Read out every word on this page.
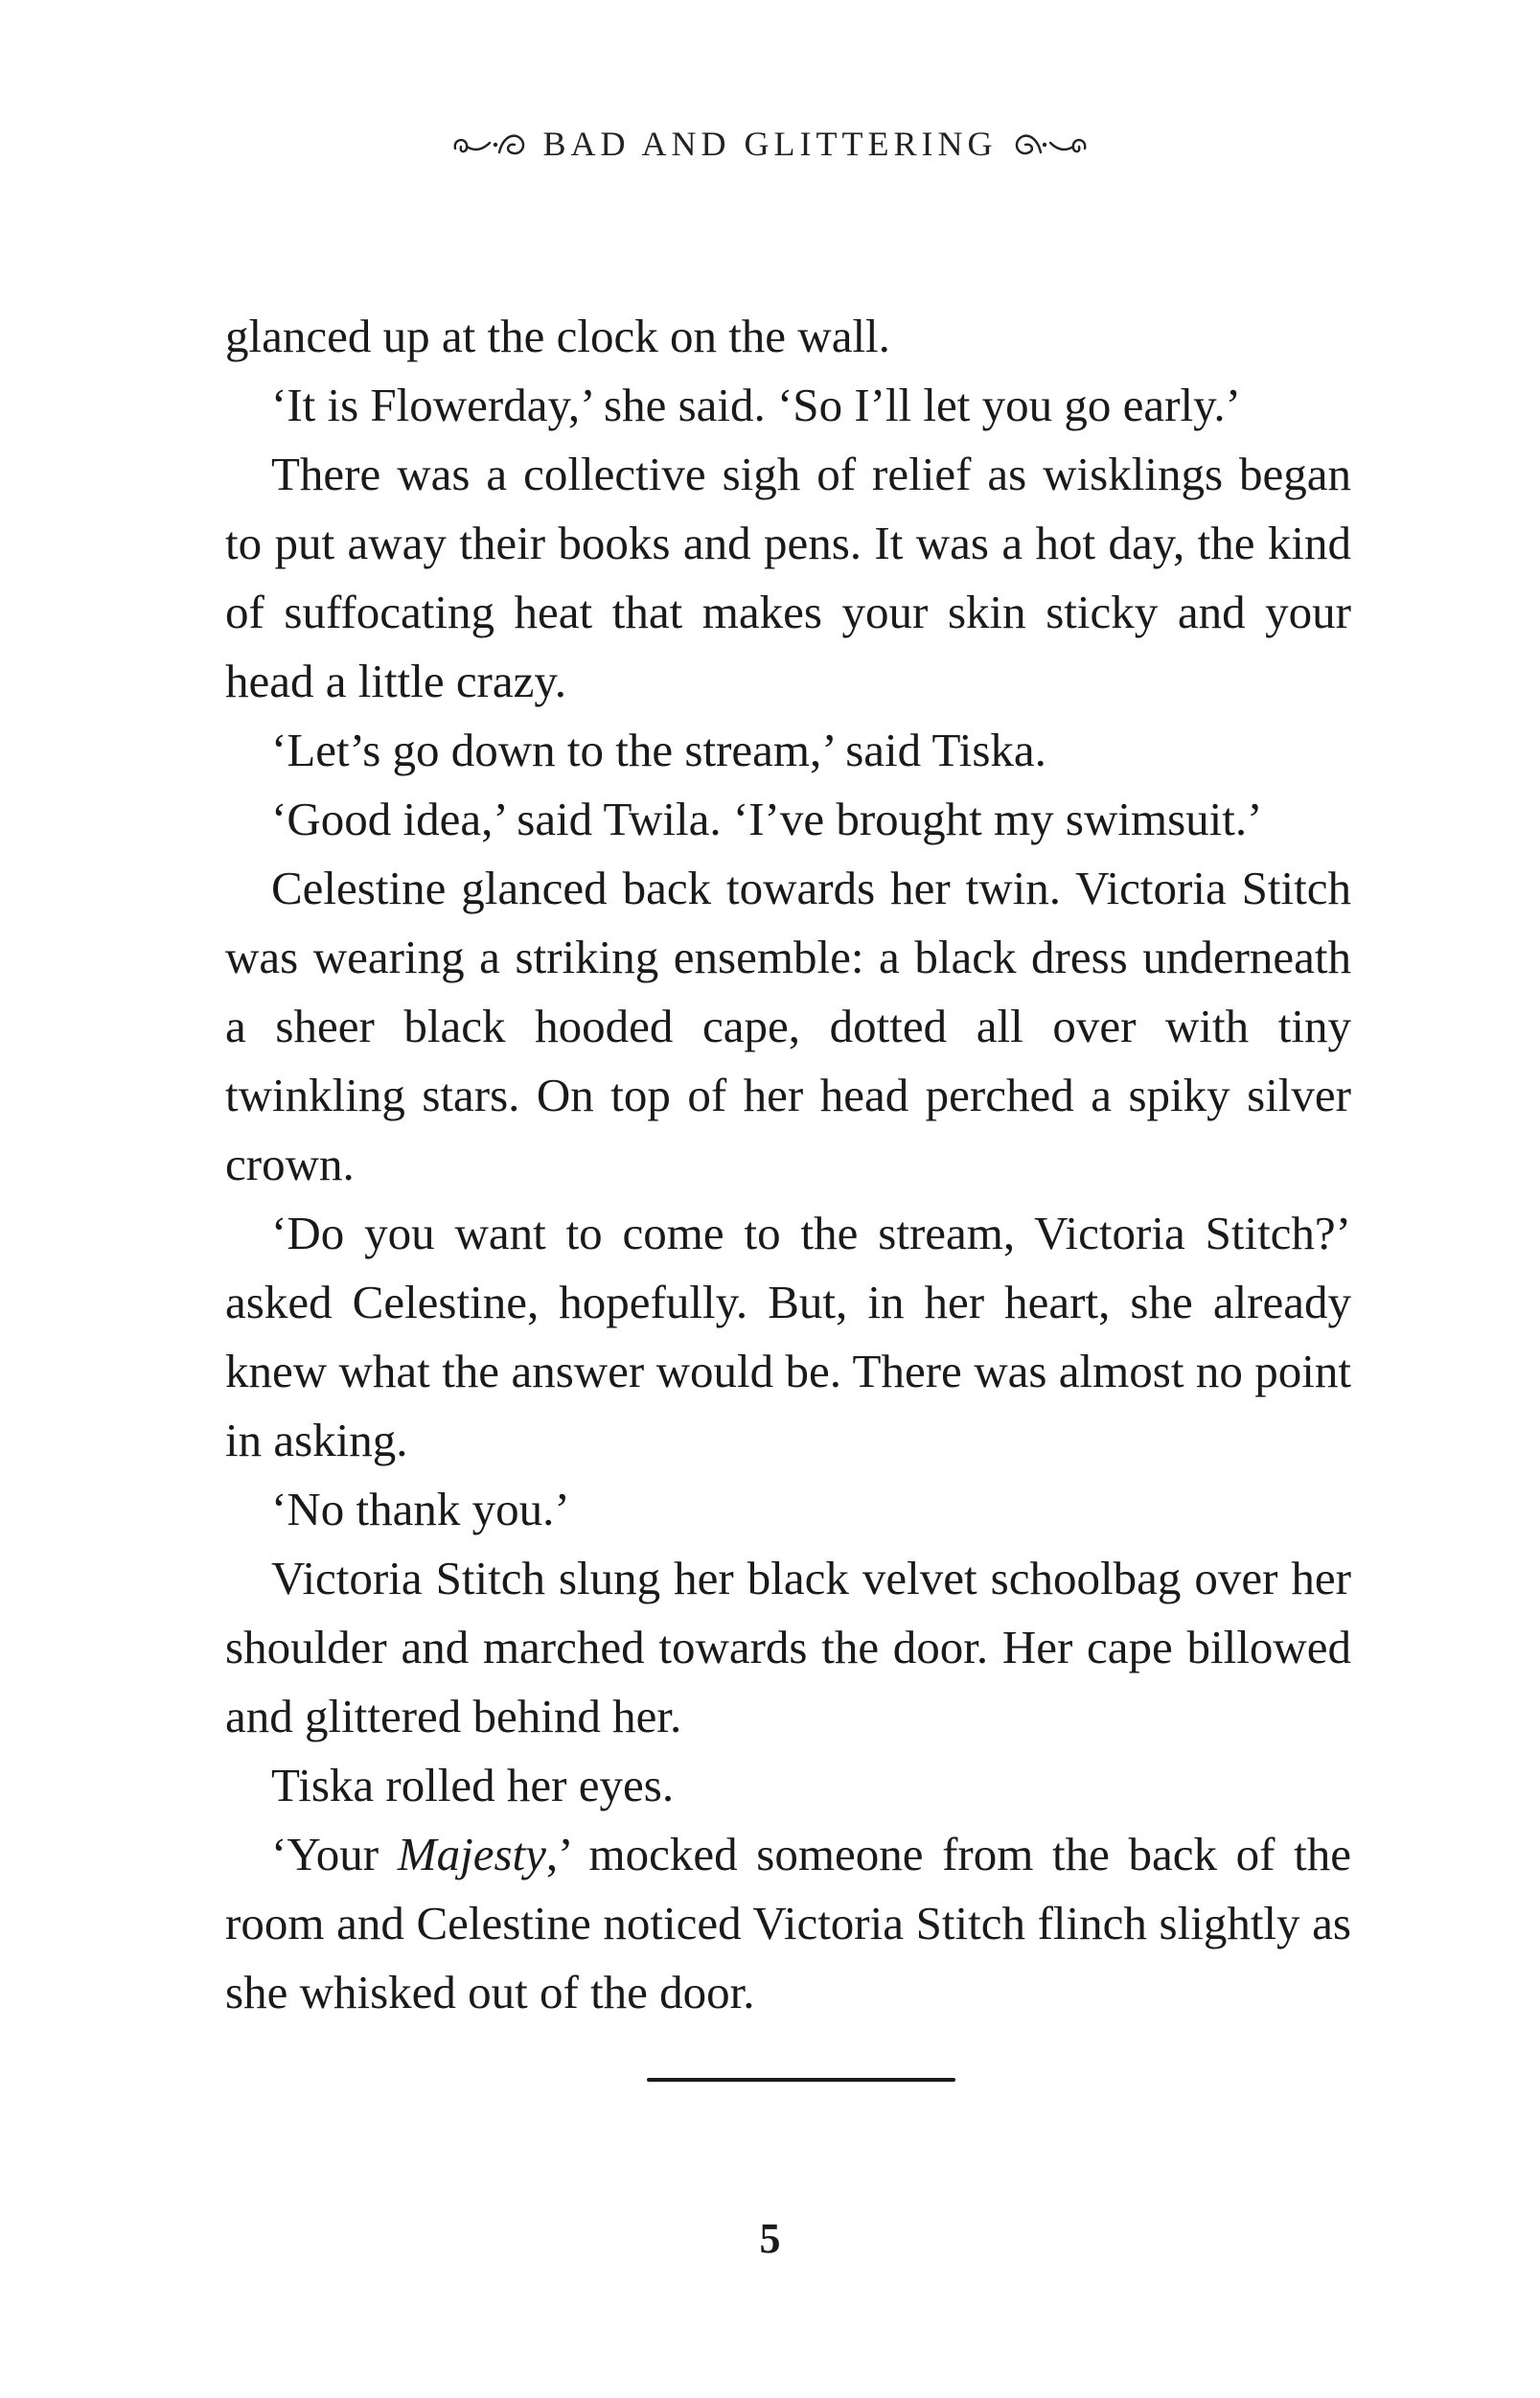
BAD AND GLITTERING

glanced up at the clock on the wall.

‘It is Flowerday,’ she said. ‘So I’ll let you go early.’

There was a collective sigh of relief as wisklings began to put away their books and pens. It was a hot day, the kind of suffocating heat that makes your skin sticky and your head a little crazy.

‘Let’s go down to the stream,’ said Tiska.

‘Good idea,’ said Twila. ‘I’ve brought my swimsuit.’

Celestine glanced back towards her twin. Victoria Stitch was wearing a striking ensemble: a black dress underneath a sheer black hooded cape, dotted all over with tiny twinkling stars. On top of her head perched a spiky silver crown.

‘Do you want to come to the stream, Victoria Stitch?’ asked Celestine, hopefully. But, in her heart, she already knew what the answer would be. There was almost no point in asking.

‘No thank you.’

Victoria Stitch slung her black velvet schoolbag over her shoulder and marched towards the door. Her cape billowed and glittered behind her.

Tiska rolled her eyes.

‘Your Majesty,’ mocked someone from the back of the room and Celestine noticed Victoria Stitch flinch slightly as she whisked out of the door.

5
